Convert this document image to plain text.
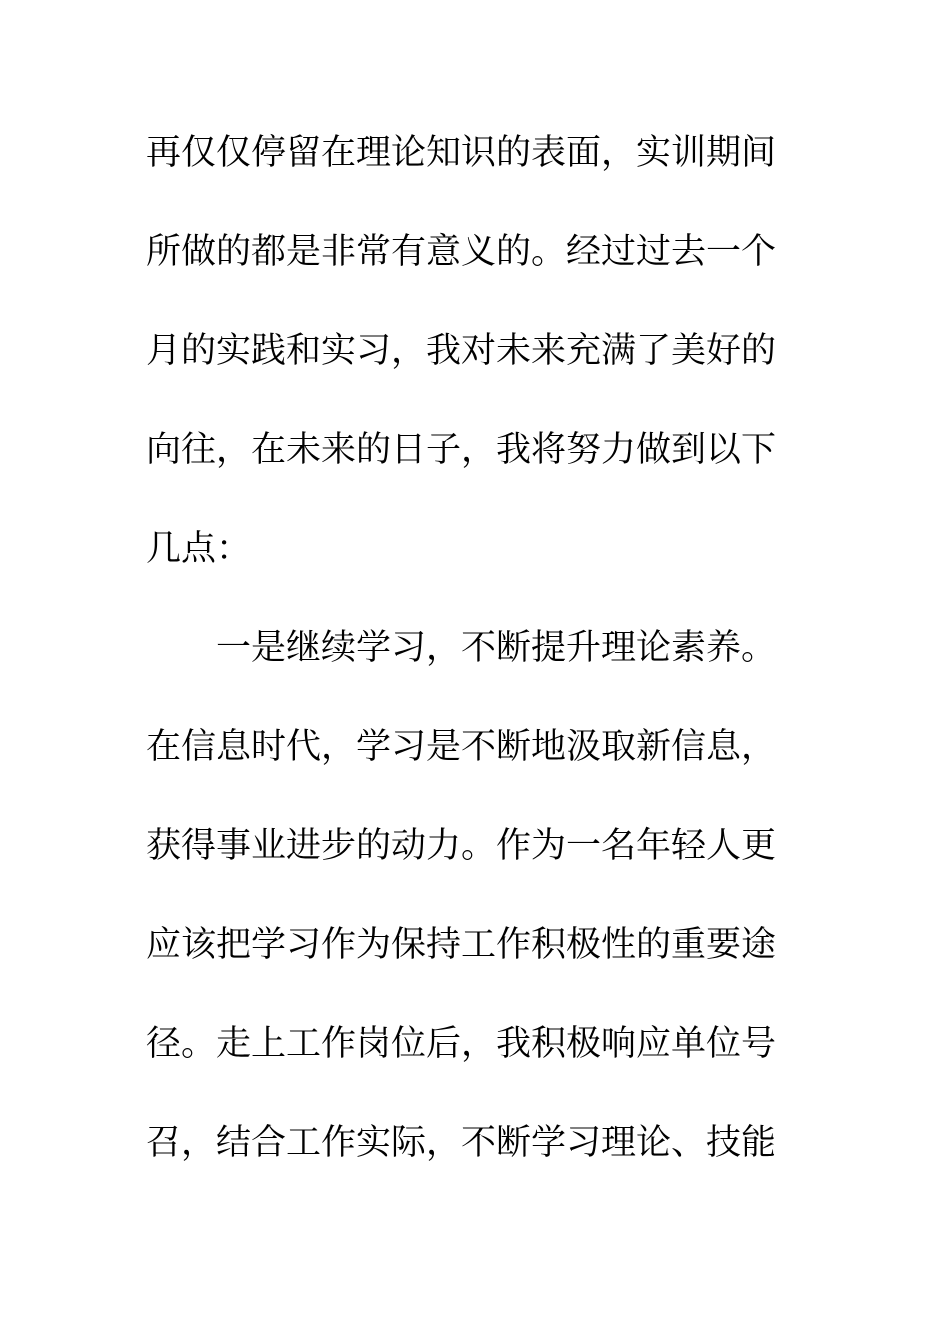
再仅仅停留在理论知识的表面，实训期间
所做的都是非常有意义的。经过过去一个
月的实践和实习，我对未来充满了美好的
向往，在未来的日子，我将努力做到以下
几点：
一是继续学习，不断提升理论素养。
在信息时代，学习是不断地汲取新信息，
获得事业进步的动力。作为一名年轻人更
应该把学习作为保持工作积极性的重要途
径。走上工作岗位后，我积极响应单位号
召，结合工作实际，不断学习理论、技能
